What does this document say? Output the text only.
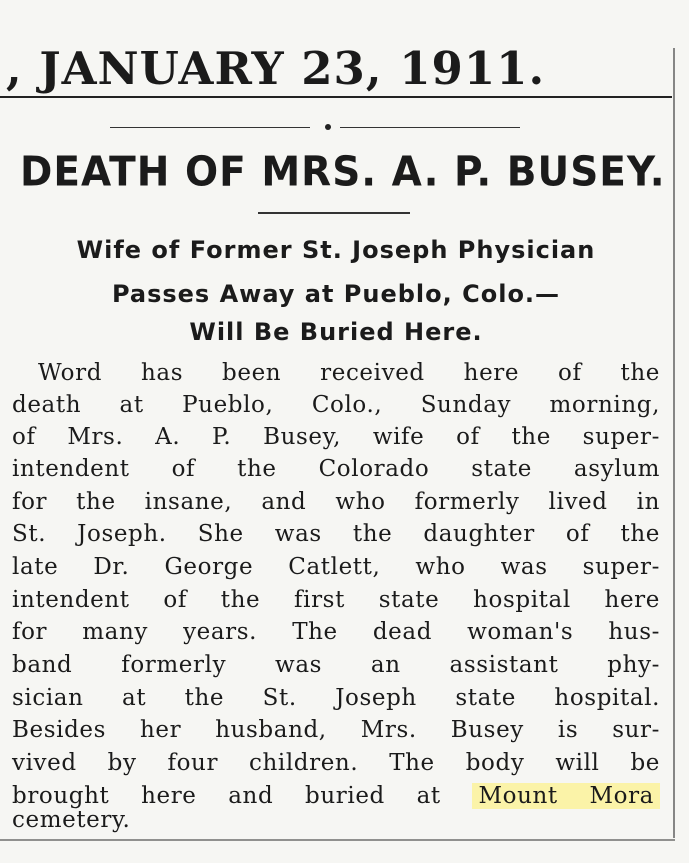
, JANUARY 23, 1911.
DEATH OF MRS. A. P. BUSEY.
Wife of Former St. Joseph Physician
Passes Away at Pueblo, Colo.—
Will Be Buried Here.
Word has been received here of the
death at Pueblo, Colo., Sunday morning,
of Mrs. A. P. Busey, wife of the super-
intendent of the Colorado state asylum
for the insane, and who formerly lived in
St. Joseph. She was the daughter of the
late Dr. George Catlett, who was super-
intendent of the first state hospital here
for many years. The dead woman's hus-
band formerly was an assistant phy-
sician at the St. Joseph state hospital.
Besides her husband, Mrs. Busey is sur-
vived by four children. The body will be
brought here and buried at Mount Mora
cemetery.
